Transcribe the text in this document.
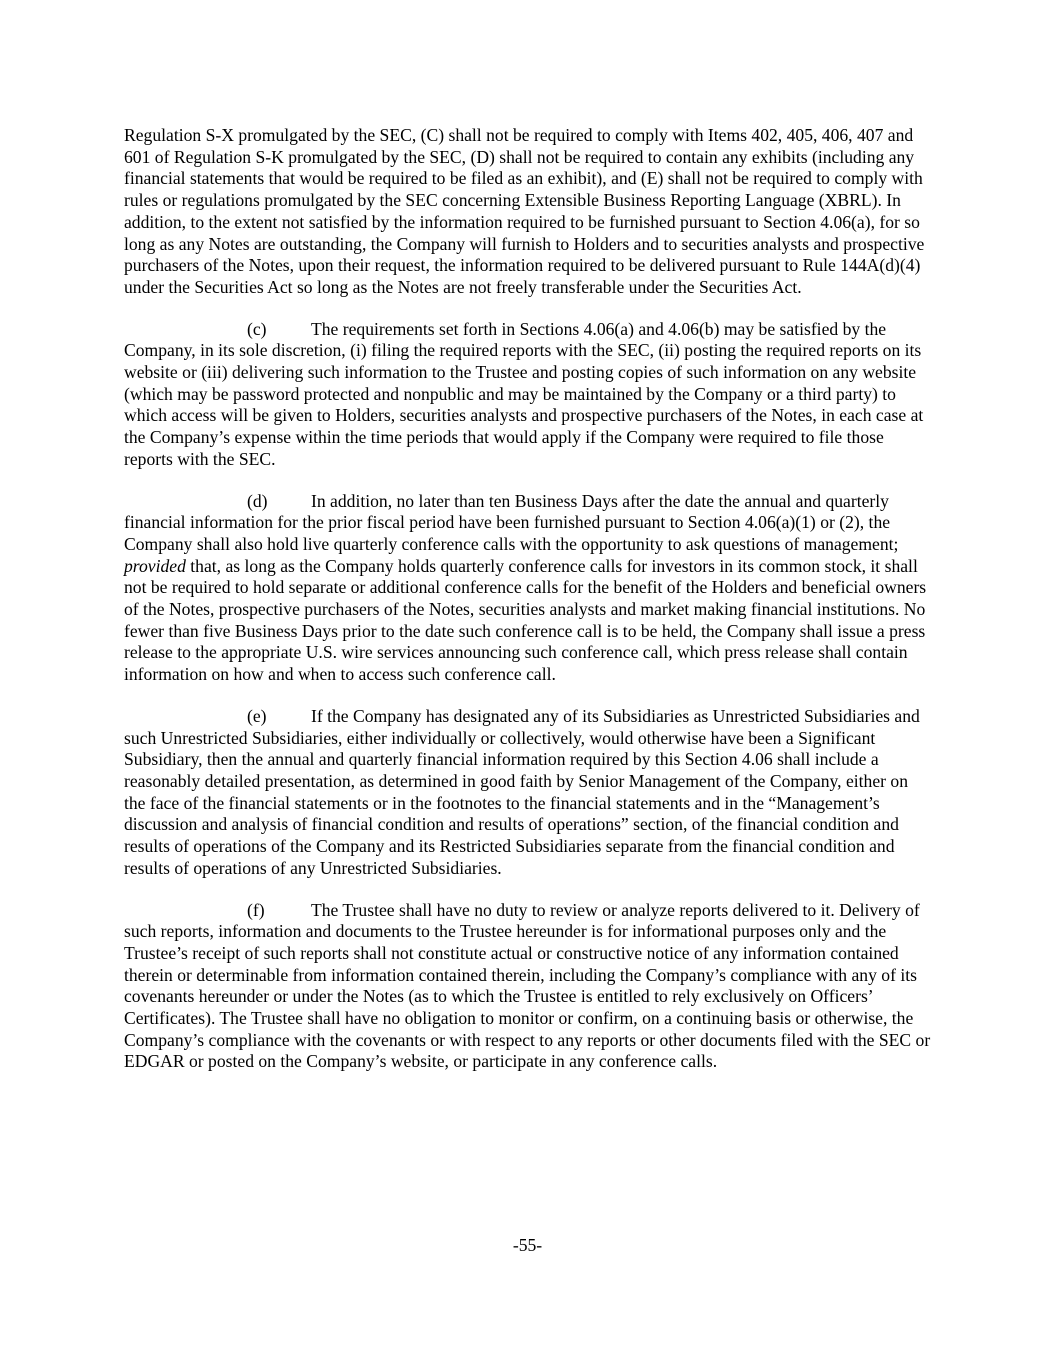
Regulation S-X promulgated by the SEC, (C) shall not be required to comply with Items 402, 405, 406, 407 and 601 of Regulation S-K promulgated by the SEC, (D) shall not be required to contain any exhibits (including any financial statements that would be required to be filed as an exhibit), and (E) shall not be required to comply with rules or regulations promulgated by the SEC concerning Extensible Business Reporting Language (XBRL). In addition, to the extent not satisfied by the information required to be furnished pursuant to Section 4.06(a), for so long as any Notes are outstanding, the Company will furnish to Holders and to securities analysts and prospective purchasers of the Notes, upon their request, the information required to be delivered pursuant to Rule 144A(d)(4) under the Securities Act so long as the Notes are not freely transferable under the Securities Act.

(c)	The requirements set forth in Sections 4.06(a) and 4.06(b) may be satisfied by the Company, in its sole discretion, (i) filing the required reports with the SEC, (ii) posting the required reports on its website or (iii) delivering such information to the Trustee and posting copies of such information on any website (which may be password protected and nonpublic and may be maintained by the Company or a third party) to which access will be given to Holders, securities analysts and prospective purchasers of the Notes, in each case at the Company’s expense within the time periods that would apply if the Company were required to file those reports with the SEC.

(d) In addition, no later than ten Business Days after the date the annual and quarterly financial information for the prior fiscal period have been furnished pursuant to Section 4.06(a)(1) or (2), the Company shall also hold live quarterly conference calls with the opportunity to ask questions of management; provided that, as long as the Company holds quarterly conference calls for investors in its common stock, it shall not be required to hold separate or additional conference calls for the benefit of the Holders and beneficial owners of the Notes, prospective purchasers of the Notes, securities analysts and market making financial institutions. No fewer than five Business Days prior to the date such conference call is to be held, the Company shall issue a press release to the appropriate U.S. wire services announcing such conference call, which press release shall contain information on how and when to access such conference call.

(e)	If the Company has designated any of its Subsidiaries as Unrestricted Subsidiaries and such Unrestricted Subsidiaries, either individually or collectively, would otherwise have been a Significant Subsidiary, then the annual and quarterly financial information required by this Section 4.06 shall include a reasonably detailed presentation, as determined in good faith by Senior Management of the Company, either on the face of the financial statements or in the footnotes to the financial statements and in the “Management’s discussion and analysis of financial condition and results of operations” section, of the financial condition and results of operations of the Company and its Restricted Subsidiaries separate from the financial condition and results of operations of any Unrestricted Subsidiaries.

(f)	The Trustee shall have no duty to review or analyze reports delivered to it. Delivery of such reports, information and documents to the Trustee hereunder is for informational purposes only and the Trustee’s receipt of such reports shall not constitute actual or constructive notice of any information contained therein or determinable from information contained therein, including the Company’s compliance with any of its covenants hereunder or under the Notes (as to which the Trustee is entitled to rely exclusively on Officers’ Certificates). The Trustee shall have no obligation to monitor or confirm, on a continuing basis or otherwise, the Company’s compliance with the covenants or with respect to any reports or other documents filed with the SEC or EDGAR or posted on the Company’s website, or participate in any conference calls.

-55-
